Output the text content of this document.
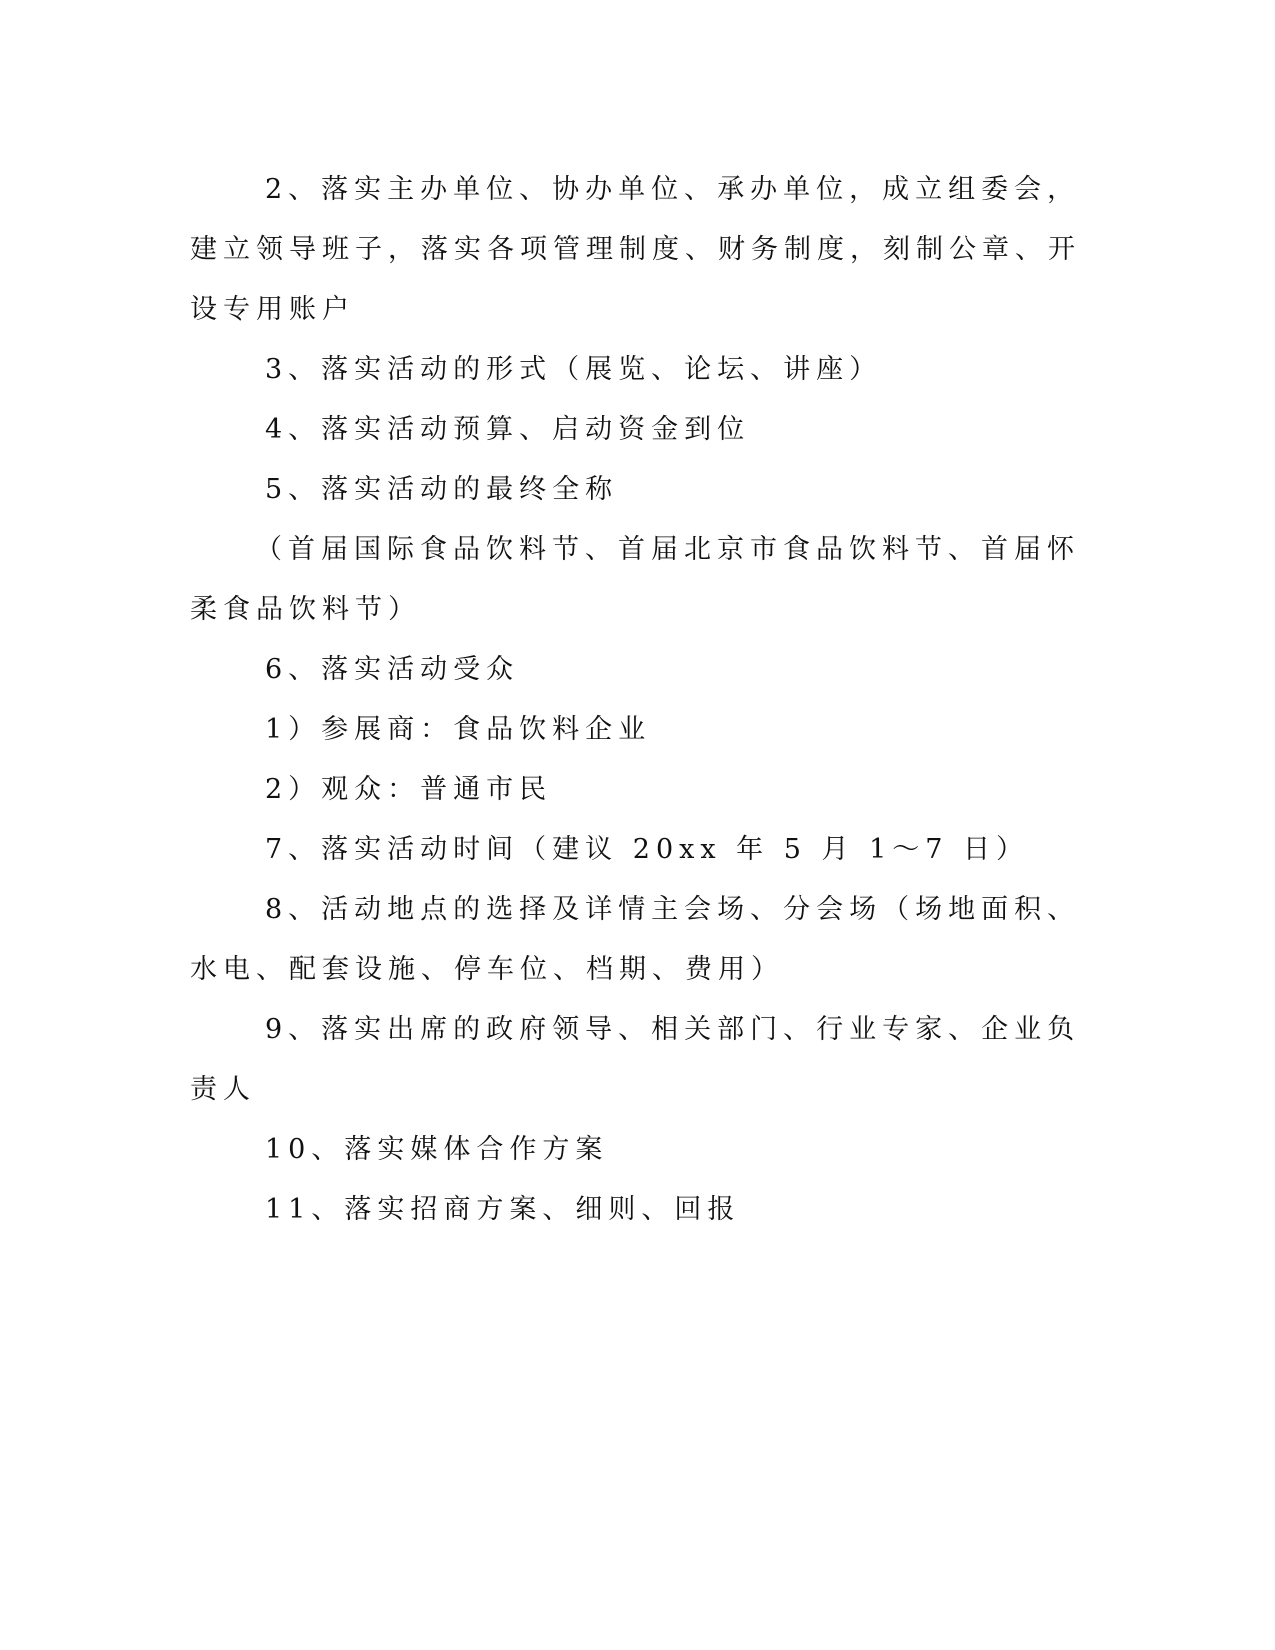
2、落实主办单位、协办单位、承办单位，成立组委会，建立领导班子，落实各项管理制度、财务制度，刻制公章、开设专用账户

3、落实活动的形式（展览、论坛、讲座）

4、落实活动预算、启动资金到位

5、落实活动的最终全称

（首届国际食品饮料节、首届北京市食品饮料节、首届怀柔食品饮料节）

6、落实活动受众

1）参展商：食品饮料企业

2）观众：普通市民

7、落实活动时间（建议 20xx 年 5 月 1～7 日）

8、活动地点的选择及详情主会场、分会场（场地面积、水电、配套设施、停车位、档期、费用）

9、落实出席的政府领导、相关部门、行业专家、企业负责人

10、落实媒体合作方案

11、落实招商方案、细则、回报
